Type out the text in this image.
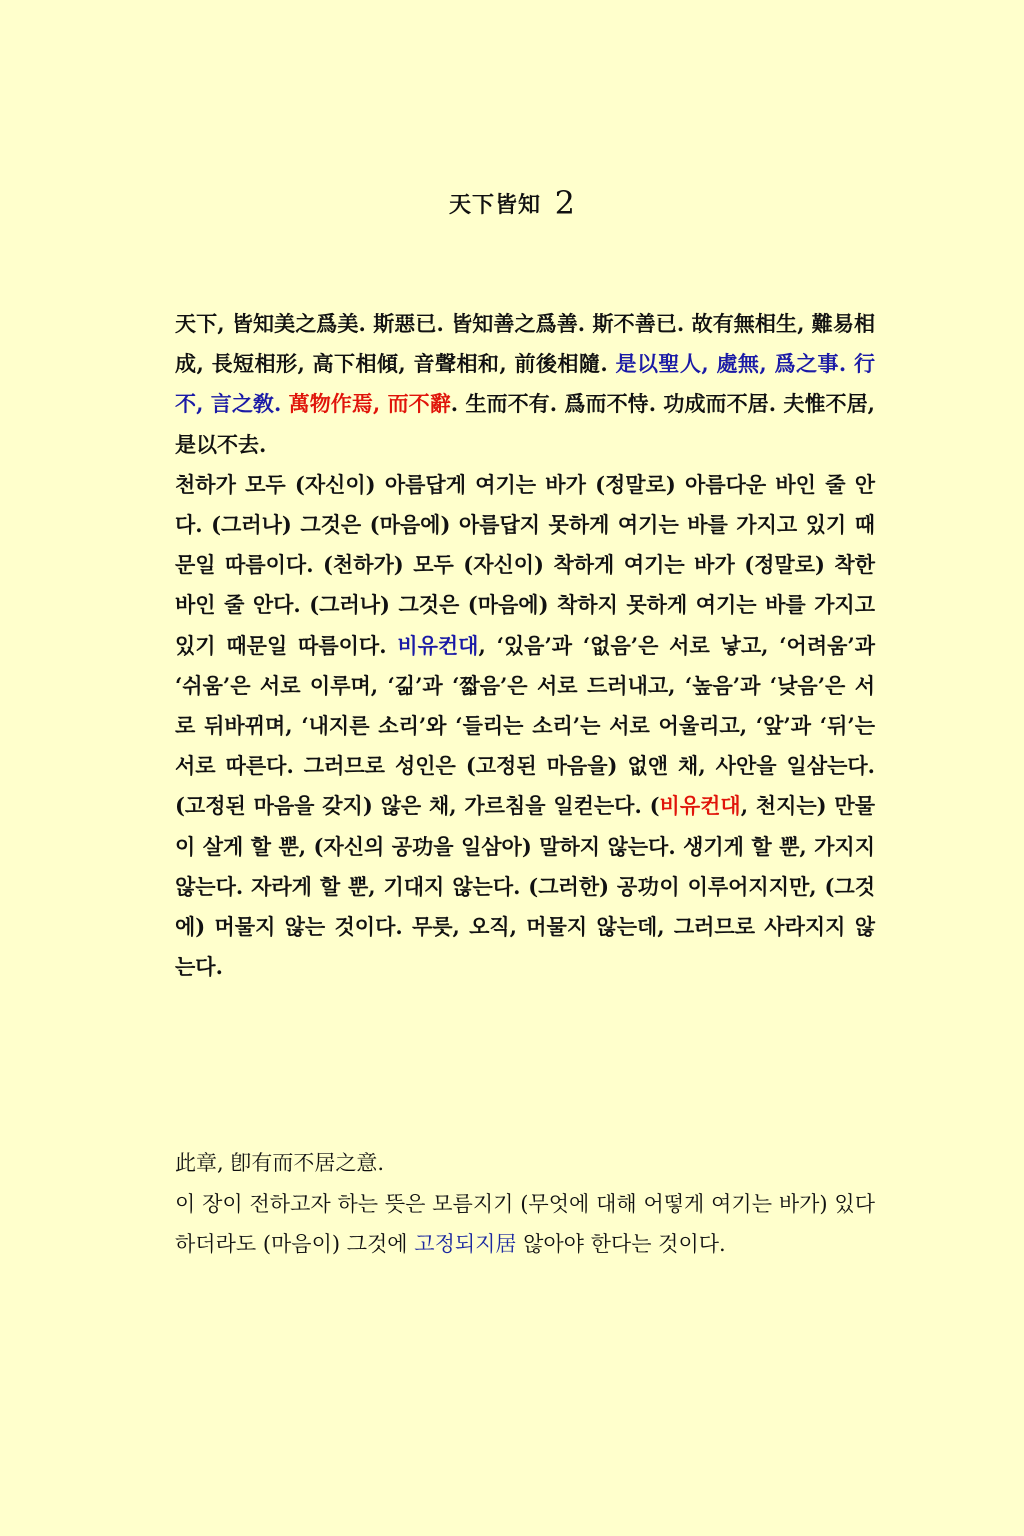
天下皆知 2
天下, 皆知美之爲美. 斯惡已. 皆知善之爲善. 斯不善已. 故有無相生, 難易相成, 長短相形, 高下相傾, 音聲相和, 前後相隨. 是以聖人, 處無, 爲之事. 行不, 言之敎. 萬物作焉, 而不辭. 生而不有. 爲而不恃. 功成而不居. 夫惟不居, 是以不去.
천하가 모두 (자신이) 아름답게 여기는 바가 (정말로) 아름다운 바인 줄 안다. (그러나) 그것은 (마음에) 아름답지 못하게 여기는 바를 가지고 있기 때문일 따름이다. (천하가) 모두 (자신이) 착하게 여기는 바가 (정말로) 착한 바인 줄 안다. (그러나) 그것은 (마음에) 착하지 못하게 여기는 바를 가지고 있기 때문일 따름이다. 비유컨대, ‘있음’과 ‘없음’은 서로 낳고, ‘어려움’과 ‘쉬움’은 서로 이루며, ‘긺’과 ‘짧음’은 서로 드러내고, ‘높음’과 ‘낮음’은 서로 뒤바뀌며, ‘내지른 소리’와 ‘들리는 소리’는 서로 어울리고, ‘앞’과 ‘뒤’는 서로 따른다. 그러므로 성인은 (고정된 마음을) 없앤 채, 사안을 일삼는다. (고정된 마음을 갖지) 않은 채, 가르침을 일컫는다. (비유컨대, 천지는) 만물이 살게 할 뿐, (자신의 공功을 일삼아) 말하지 않는다. 생기게 할 뿐, 가지지 않는다. 자라게 할 뿐, 기대지 않는다. (그러한) 공功이 이루어지지만, (그것에) 머물지 않는 것이다. 무릇, 오직, 머물지 않는데, 그러므로 사라지지 않는다.
此章, 卽有而不居之意.
이 장이 전하고자 하는 뜻은 모름지기 (무엇에 대해 어떻게 여기는 바가) 있다 하더라도 (마음이) 그것에 고정되지居 않아야 한다는 것이다.
